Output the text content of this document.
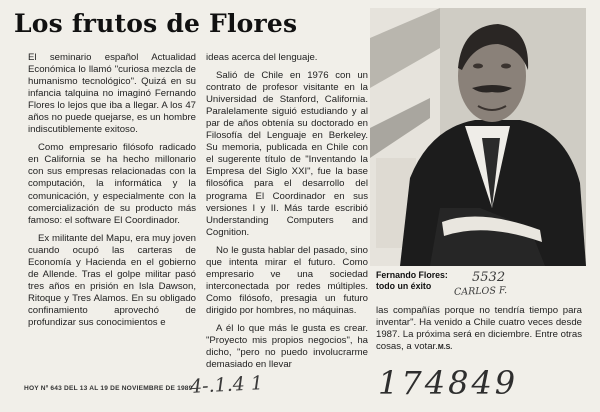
Los frutos de Flores

El seminario español Actualidad Económica lo llamó "curiosa mezcla de humanismo tecnológico". Quizá en su infancia talquina no imaginó Fernando Flores lo lejos que iba a llegar. A los 47 años no puede quejarse, es un hombre indiscutiblemente exitoso.

Como empresario filósofo radicado en California se ha hecho millonario con sus empresas relacionadas con la computación, la informática y la comunicación, y especialmente con la comercialización de su producto más famoso: el software El Coordinador.

Ex militante del Mapu, era muy joven cuando ocupó las carteras de Economía y Hacienda en el gobierno de Allende. Tras el golpe militar pasó tres años en prisión en Isla Dawson, Ritoque y Tres Alamos. En su obligado confinamiento aprovechó de profundizar sus conocimientos e

ideas acerca del lenguaje.

Salió de Chile en 1976 con un contrato de profesor visitante en la Universidad de Stanford, California. Paralelamente siguió estudiando y al par de años obtenía su doctorado en Filosofía del Lenguaje en Berkeley. Su memoria, publicada en Chile con el sugerente título de "Inventando la Empresa del Siglo XXI", fue la base filosófica para el desarrollo del programa El Coordinador en sus versiones I y II. Más tarde escribió Understanding Computers and Cognition.

No le gusta hablar del pasado, sino que intenta mirar el futuro. Como empresario ve una sociedad interconectada por redes múltiples. Como filósofo, presagia un futuro dirigido por hombres, no máquinas.

A él lo que más le gusta es crear. "Proyecto mis propios negocios", ha dicho, "pero no puedo involucrarme demasiado en llevar

Fernando Flores: todo un éxito

las compañías porque no tendría tiempo para inventar". Ha venido a Chile cuatro veces desde 1987. La próxima será en diciembre. Entre otras cosas, a votar.M.S.

HOY Nº 643 DEL 13 AL 19 DE NOVIEMBRE DE 1989
4-.1.4 1	174849
5532
CARLOS F.
